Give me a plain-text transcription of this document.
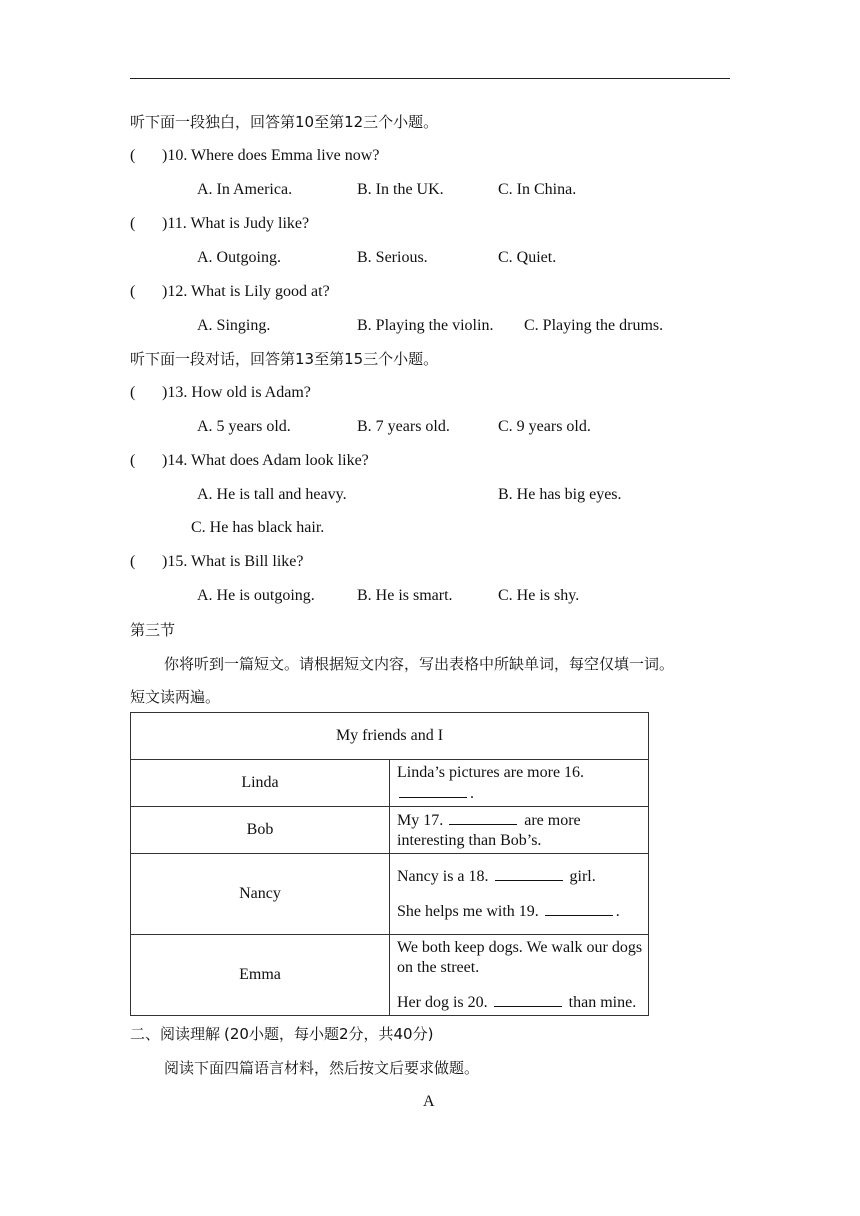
听下面一段独白，回答第10至第12三个小题。
( )10. Where does Emma live now?
A. In America.	B. In the UK.	C. In China.
( )11. What is Judy like?
A. Outgoing.	B. Serious.	C. Quiet.
( )12. What is Lily good at?
A. Singing.	B. Playing the violin. C. Playing the drums.
听下面一段对话，回答第13至第15三个小题。
( )13. How old is Adam?
A. 5 years old.	B. 7 years old.	C. 9 years old.
( )14. What does Adam look like?
A. He is tall and heavy.	B. He has big eyes.
C. He has black hair.
( )15. What is Bill like?
A. He is outgoing.	B. He is smart.	C. He is shy.
第三节
你将听到一篇短文。请根据短文内容，写出表格中所缺单词，每空仅填一词。
短文读两遍。
My friends and I	
Linda	Linda’s pictures are more 16. .
Bob	My 17. are more interesting than Bob’s.
Nancy	Nancy is a 18. girl.
She helps me with 19. .

Emma	We both keep dogs. We walk our dogs on the street.
Her dog is 20. than mine.
二、阅读理解 (20小题，每小题2分，共40分)
阅读下面四篇语言材料，然后按文后要求做题。
A
